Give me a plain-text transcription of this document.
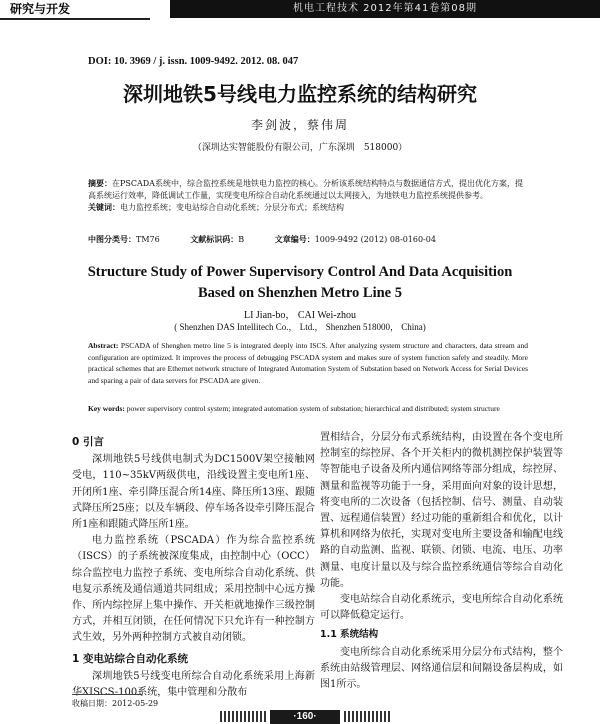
研究与开发	机电工程技术 2012年第41卷第08期
DOI: 10. 3969 / j. issn. 1009-9492. 2012. 08. 047
深圳地铁5号线电力监控系统的结构研究
李剑波，蔡伟周
（深圳达实智能股份有限公司，广东深圳　518000）

摘要：在PSCADA系统中，综合监控系统是地铁电力监控的核心。分析该系统结构特点与数据通信方式，提出优化方案，提高系统运行效率，降低调试工作量，实现变电所综合自动化系统通过以太网接入，为地铁电力监控系统提供参考。

关键词：电力监控系统；变电站综合自动化系统；分层分布式；系统结构

中图分类号：TM76	文献标识码：B	文章编号：1009-9492 (2012) 08-0160-04
Structure Study of Power Supervisory Control And Data Acquisition
Based on Shenzhen Metro Line 5
LI Jian-bo， CAI Wei-zhou
( Shenzhen DAS Intellitech Co.， Ltd.， Shenzhen 518000， China)

Abstract: PSCADA of Shenghen metro line 5 is integrated deeply into ISCS. After analyzing system structure and characters, data stream and configuration are optimized. It improves the process of debugging PSCADA system and makes sure of system function safely and steadily. More practical schemes that are Ethernet network structure of Integrated Automation System of Substation based on Network Access for Serial Devices and sparing a pair of data servers for PSCADA are given.

Key words: power supervisory control system; integrated automation system of substation; hierarchical and distributed; system structure
0 引言

深圳地铁5号线供电制式为DC1500V架空接触网受电，110~35kV两级供电，沿线设置主变电所1座、开闭所1座、牵引降压混合所14座、降压所13座、跟随式降压所25座；以及车辆段、停车场各设牵引降压混合所1座和跟随式降压所1座。

电力监控系统（PSCADA）作为综合监控系统（ISCS）的子系统被深度集成，由控制中心（OCC）综合监控电力监控子系统、变电所综合自动化系统、供电复示系统及通信通道共同组成；采用控制中心远方操作、所内综控屏上集中操作、开关柜就地操作三级控制方式，并相互闭锁，在任何情况下只允许有一种控制方式生效，另外两种控制方式被自动闭锁。

1 变电站综合自动化系统

深圳地铁5号线变电所综合自动化系统采用上海新华XISCS-100系统，集中管理和分散布

置相结合，分层分布式系统结构，由设置在各个变电所控制室的综控屏、各个开关柜内的微机测控保护装置等等智能电子设备及所内通信网络等部分组成，综控屏、测量和监视等功能于一身，采用面向对象的设计思想，将变电所的二次设备（包括控制、信号、测量、自动装置、远程通信装置）经过功能的重新组合和优化，以计算机和网络为依托，实现对变电所主要设备和输配电线路的自动监测、监视、联锁、闭锁、电流、电压、功率测量、电度计量以及与综合监控系统通信等综合自动化功能。

变电站综合自动化系统示，变电所综合自动化系统可以降低稳定运行。

1.1 系统结构

变电所综合自动化系统采用分层分布式结构，整个系统由站级管理层、网络通信层和间隔设备层构成，如图1所示。

收稿日期：2012-05-29
·160·
